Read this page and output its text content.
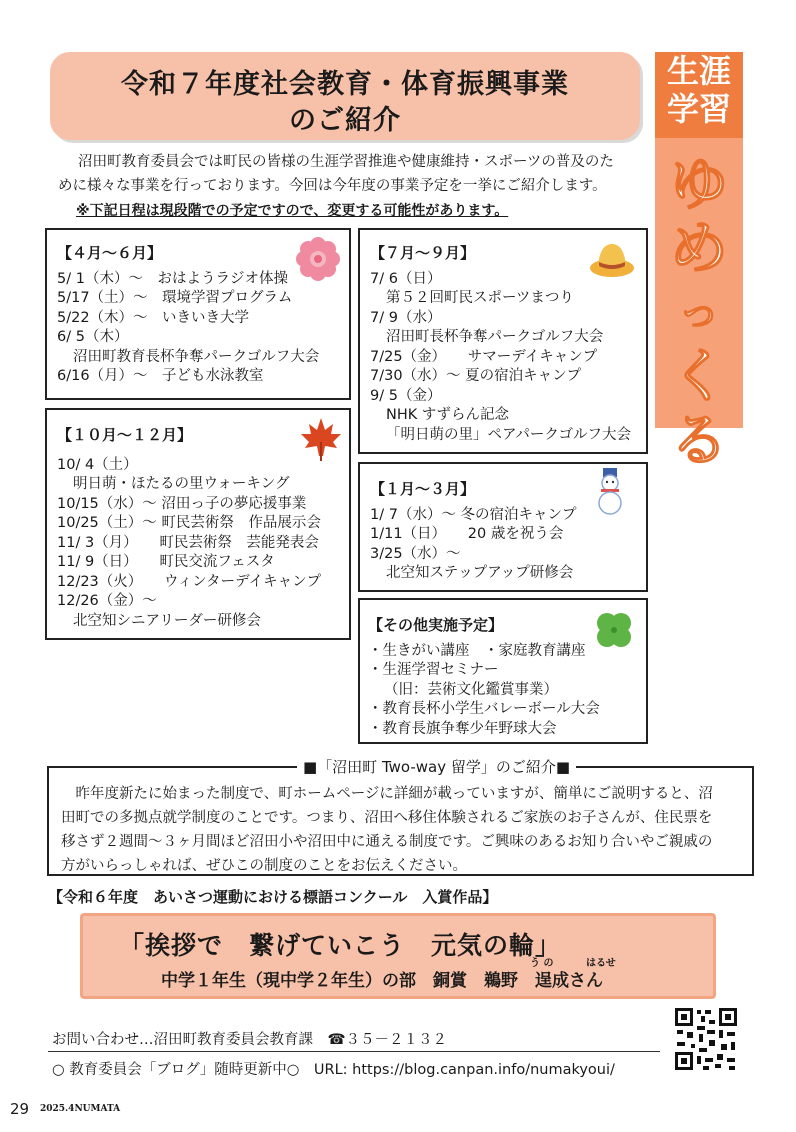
令和７年度社会教育・体育振興事業
のご紹介
生涯
学習
ゆ
め
っ
く
る
沼田町教育委員会では町民の皆様の生涯学習推進や健康維持・スポーツの普及のた
めに様々な事業を行っております。今回は今年度の事業予定を一挙にご紹介します。
※下記日程は現段階での予定ですので、変更する可能性があります。
【４月～６月】
5/ 1（木）～　おはようラジオ体操
5/17（土）～　環境学習プログラム
5/22（木）～　いきいき大学
6/ 5（木）
沼田町教育長杯争奪パークゴルフ大会
6/16（月）～　子ども水泳教室
【１０月～１２月】
10/ 4（土）
明日萌・ほたるの里ウォーキング
10/15（水）～ 沼田っ子の夢応援事業
10/25（土）～ 町民芸術祭　作品展示会
11/ 3（月）　　町民芸術祭　芸能発表会
11/ 9（日）　　町民交流フェスタ
12/23（火）　　ウィンターデイキャンプ
12/26（金）～
北空知シニアリーダー研修会
【７月～９月】
7/ 6（日）
第５２回町民スポーツまつり
7/ 9（水）
沼田町長杯争奪パークゴルフ大会
7/25（金）　　サマーデイキャンプ
7/30（水）～ 夏の宿泊キャンプ
9/ 5（金）
NHK すずらん記念
「明日萌の里」ペアパークゴルフ大会
【１月～３月】
1/ 7（水）～ 冬の宿泊キャンプ
1/11（日）　　20 歳を祝う会
3/25（水）～
北空知ステップアップ研修会
【その他実施予定】
・生きがい講座　・家庭教育講座
・生涯学習セミナー
（旧：芸術文化鑑賞事業）
・教育長杯小学生バレーボール大会
・教育長旗争奪少年野球大会
■「沼田町 Two-way 留学」のご紹介■
　昨年度新たに始まった制度で、町ホームページに詳細が載っていますが、簡単にご説明すると、沼
田町での多拠点就学制度のことです。つまり、沼田へ移住体験されるご家族のお子さんが、住民票を
移さず２週間～３ヶ月間ほど沼田小や沼田中に通える制度です。ご興味のあるお知り合いやご親戚の
方がいらっしゃれば、ぜひこの制度のことをお伝えください。
【令和６年度　あいさつ運動における標語コンクール　入賞作品】
「挨拶で　繋げていこう　元気の輪」
う の	はるせ
中学１年生（現中学２年生）の部　銅賞　鵜野　逞成さん
お問い合わせ…沼田町教育委員会教育課　☎３５－２１３２
○ 教育委員会「ブログ」随時更新中○　URL: https://blog.canpan.info/numakyoui/
29 2025.4NUMATA
